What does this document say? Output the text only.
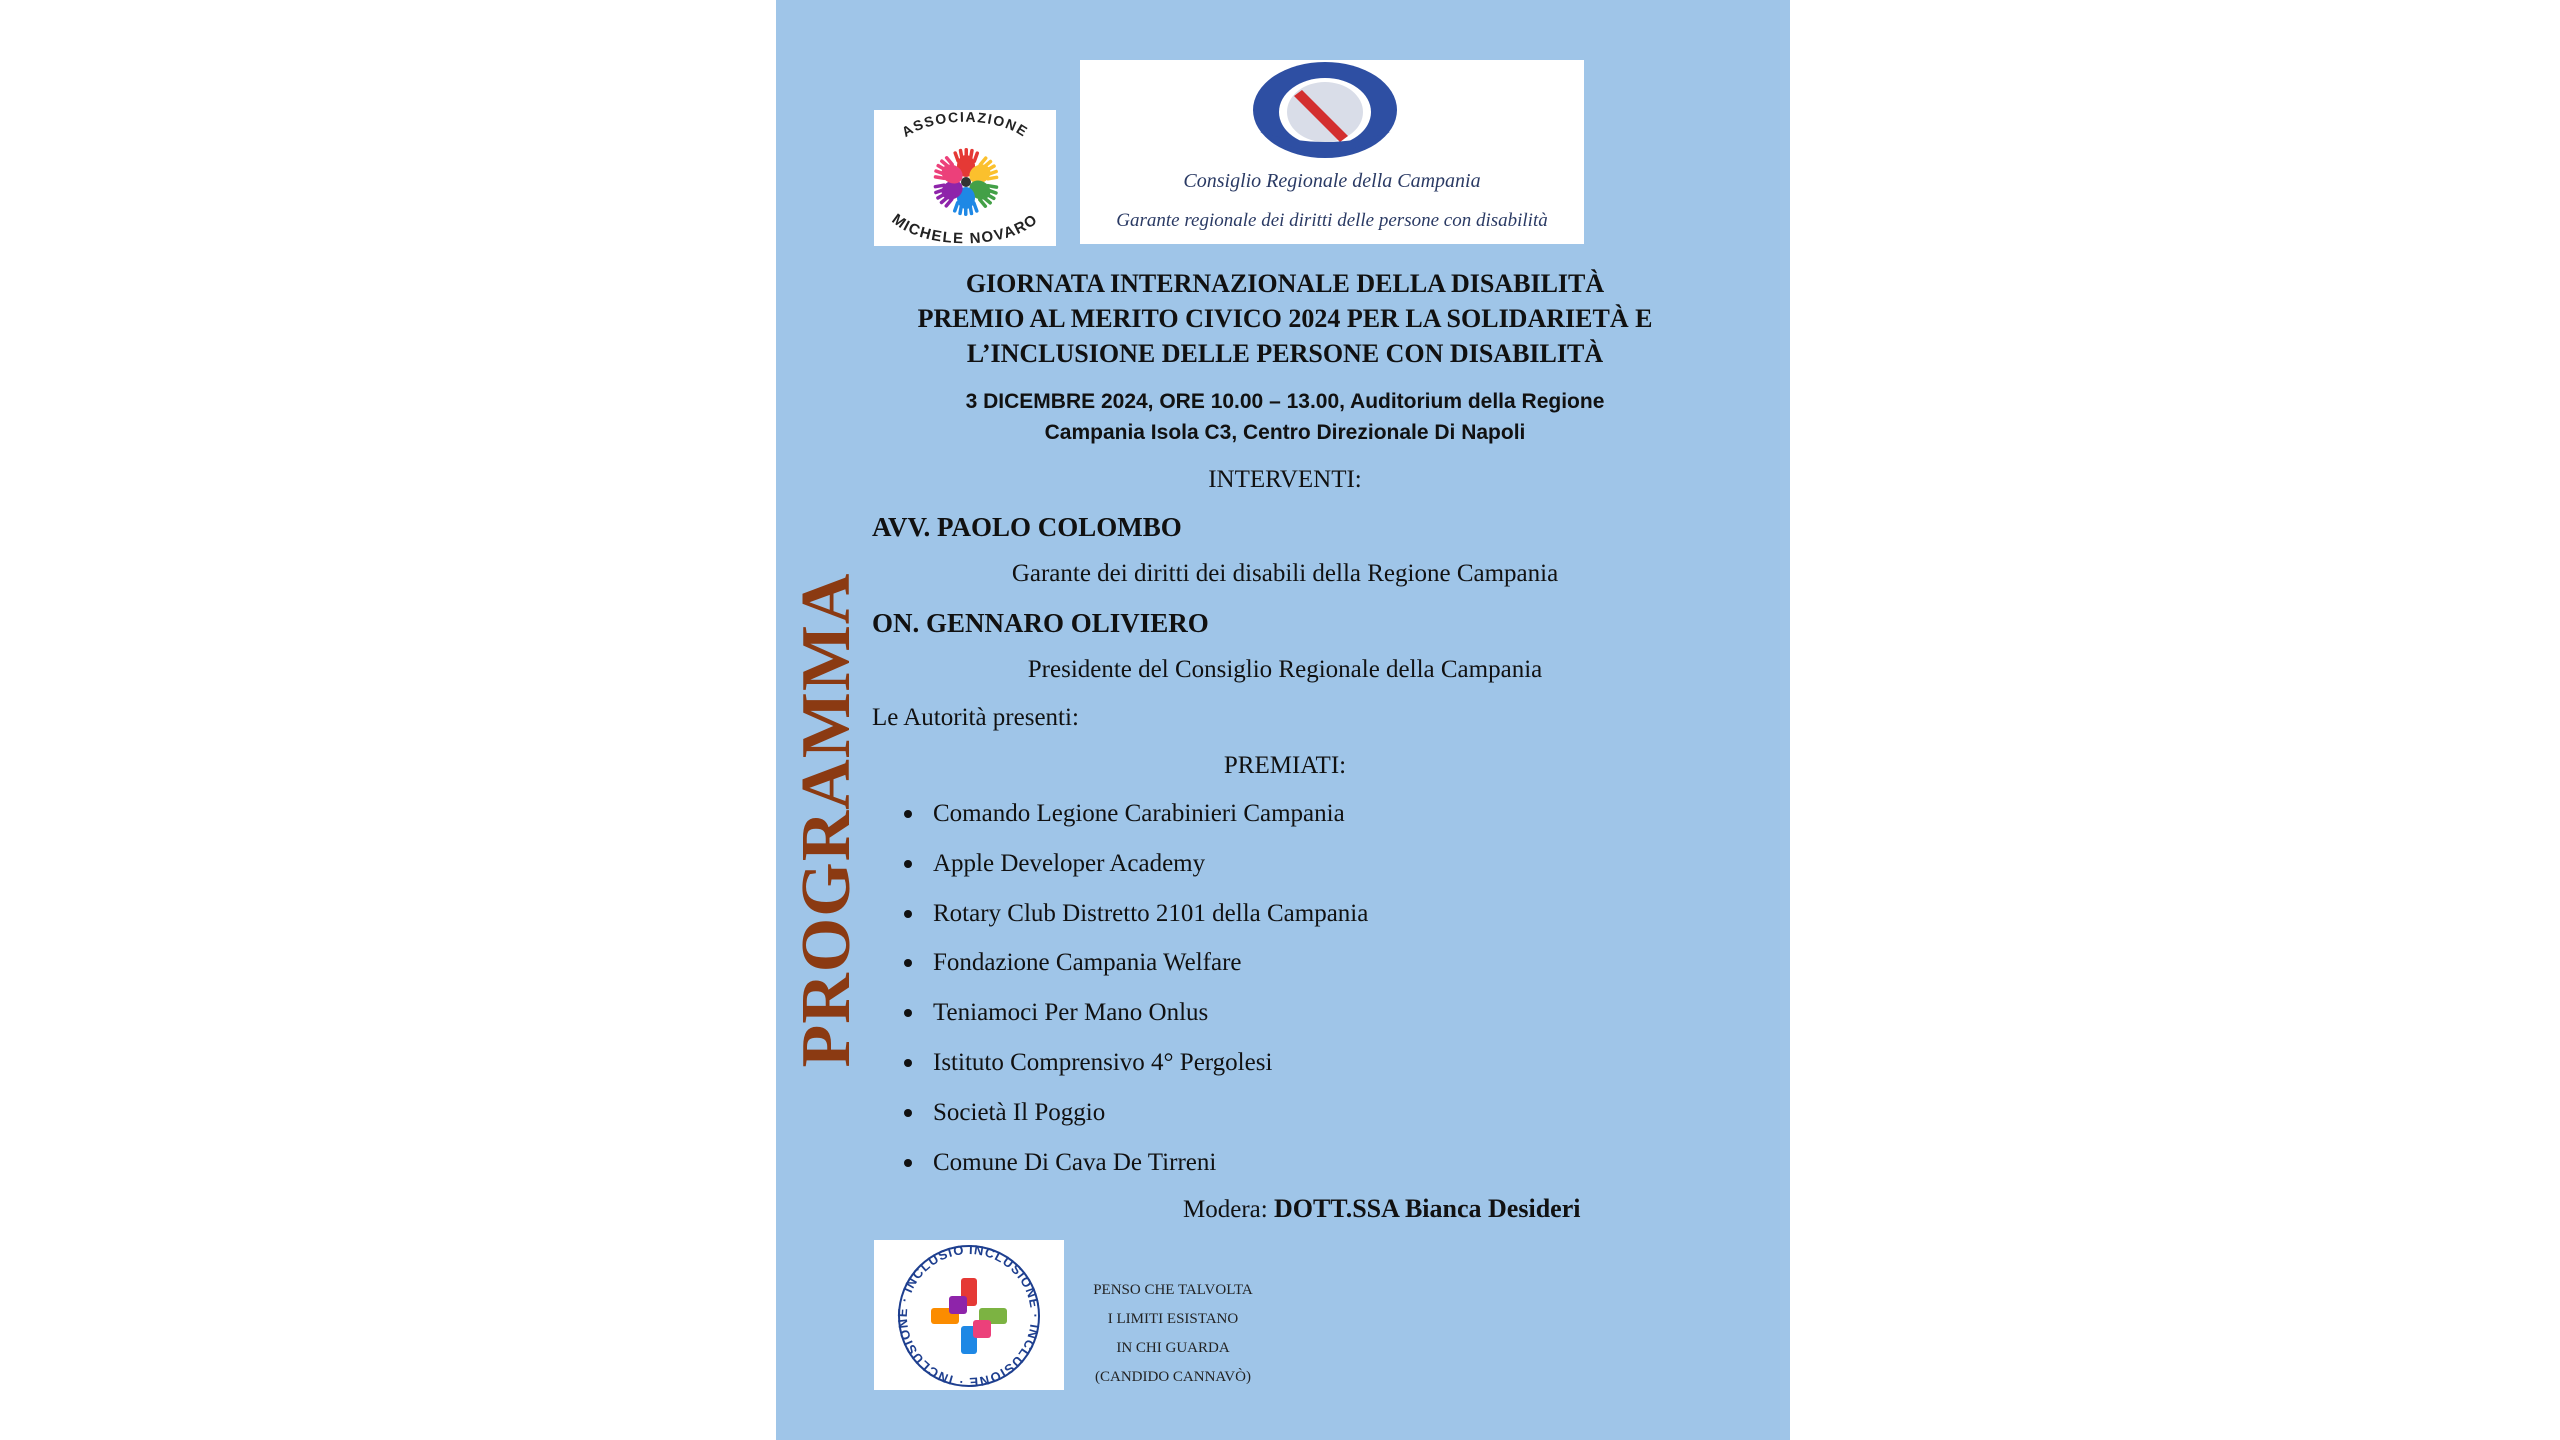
PROGRAMMA
ASSOCIAZIONE
MICHELE NOVARO
Consiglio Regionale della Campania
Garante regionale dei diritti delle persone con disabilità
GIORNATA INTERNAZIONALE DELLA DISABILITÀ
PREMIO AL MERITO CIVICO 2024 PER LA SOLIDARIETÀ E
L’INCLUSIONE DELLE PERSONE CON DISABILITÀ
3 DICEMBRE 2024, ORE 10.00 – 13.00, Auditorium della Regione
Campania Isola C3, Centro Direzionale Di Napoli
INTERVENTI:
AVV. PAOLO COLOMBO
Garante dei diritti dei disabili della Regione Campania
ON. GENNARO OLIVIERO
Presidente del Consiglio Regionale della Campania
Le Autorità presenti:
PREMIATI:
Comando Legione Carabinieri Campania
Apple Developer Academy
Rotary Club Distretto 2101 della Campania
Fondazione Campania Welfare
Teniamoci Per Mano Onlus
Istituto Comprensivo 4° Pergolesi
Società Il Poggio
Comune Di Cava De Tirreni
Modera: DOTT.SSA Bianca Desideri
INCLUSIONE · INCLUSIONE · INCLUSIONE · INCLUSIO
PENSO CHE TALVOLTA
I LIMITI ESISTANO
IN CHI GUARDA
(CANDIDO CANNAVÒ)
